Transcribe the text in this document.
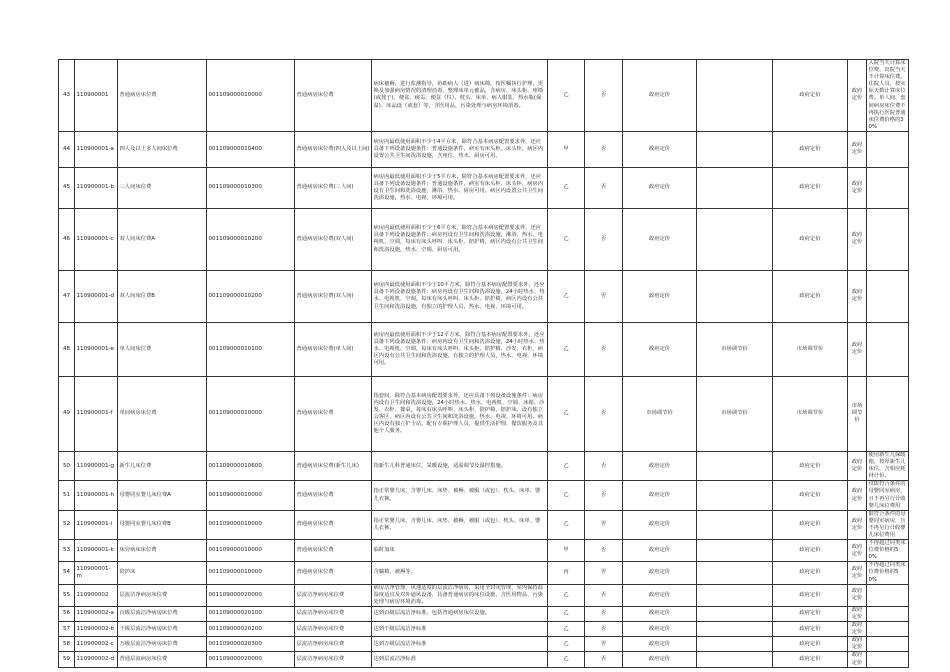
43	110900001	普通病房床位费	001109000010000	普通病房床位费	病床被褥，进行监测指导，协助病人（进）病床椅，按医嘱执行护理，更换及加强病房情况的清理消毒，整理床单元被品，含病房、床头柜、座椅(或凳子)、便盆、痰盂、便盆（仪）、枕头、床单、病人服装、热水瓶(保温)、床品设（或套）等，含医用品，污染处理与病房环境消毒。	乙	否	政府定价		政府定价	政府定价	入院当天计算床位费，出院当天不计算床位费。住院人员，按实际天数计算床位费。单人间、套间病房床位费不再执行医院普通床位费价格的30%
44	110900001-a	四人及以上多人间床位费	001109000010400	普通病房床位费(四人及以上间)	病房内最低使用面积不少于4平方米，除符合基本病房配置要求外，还应具备下列设备设施条件：普通设施条件，病室有床头柜、床头柜，病区内设置公共卫生间洗浴设施，含座位、热水、厨房可用。	甲	否	政府定价		政府定价	政府定价	
45	110900001-b	三人间床位费	001109000010300	普通病房床位费(三人间)	病房内最低使用面积不少于5平方米，除符合基本病房配置要求外，还应具备下列设备设施条件：普通设施条件，病室有床头柜、床头柜，病房内设有卫生间和洗浴设施，淋浴、热水、厨房可用。病区内设置公共卫生间洗浴设施，热水、电视、环境可用。	乙	否	政府定价		政府定价	政府定价	
46	110900001-c	双人间床位费A	001109000010200	普通病房床位费(双人间)	病房内最低使用面积不少于6平方米，除符合基本病房配置要求外，还应具备下列设备设施条件：病房内设有卫生间和洗浴设施，淋浴、热水、电视机、空调，每床有床头呼叫、床头柜、陪护椅，病区内设有公共卫生间和洗浴设施，热水、空调、厨房可用。	乙	否	政府定价		政府定价	政府定价	
47	110900001-d	双人间床位费B	001109000010200	普通病房床位费(双人间)	病房内最低使用面积不少于10平方米，除符合基本病房配置要求外，还应具备下列设备设施条件：病房内设有卫生间和洗浴设施，24小时热水、热水、电视机、空调，每床有床头呼叫、床头柜、陪护椅，病区内设有公共卫生间和洗浴设施，有独立的护理人员，热水、电视、环境可用。	乙	否	政府定价		政府定价	政府定价	
48	110900001-e	单人间床位费	001109000010100	普通病房床位费(单人间)	病房内最低使用面积不少于12平方米，除符合基本病房配置要求外，还应具备下列设备设施条件：病房内设有卫生间和洗浴设施，24小时热水、热水、电视机、空调，每床有床头呼叫、床头柜、陪护椅、沙发、衣柜，病区内设有公共卫生间和洗浴设施，有独立的护理人员，热水、电视、环境可用。	乙	否	政府定价	市场调节价	市场调节价	政府定价	
49	110900001-f	单间病房床位费	001109000010000	普通病房床位费	指套间，除符合基本病房配置要求外，还应具备下列设备设施条件：病房内设有卫生间和洗浴设施，24小时热水、热水、电视机、空调、冰箱、沙发、衣柜、餐桌，每床有床头呼叫、床头柜、陪护椅、陪护床，设有独立会客区，病区内设有公共卫生间和洗浴设施，热水、电视、环境可用。病区内设有独立护士站，配有专职护理人员，提供生活护理、餐饮服务及其他个人服务。	乙	否	市场调节价	市场调节价	市场调节价	市场调节价	
50	110900001-g	新生儿床位费	001109000010600	普通病房床位费(新生儿床)	指新生儿科普通床位，采暖设施，适温调节及温控措施。	乙	否	政府定价		政府定价	政府定价	使用新生儿保暖箱，按厚新生儿床位，含相应耗材计价。
51	110900001-h	母婴同室婴儿床位费A	001109000010000	普通病房床位费	指正常婴儿床，含婴儿床、床垫、被褥、被服（或包）、枕头、床单、婴儿衣裤。	乙	否	政府定价		政府定价	政府定价	仅限符合条件的母婴同室病房，且不再另行计收婴儿床位费用
52	110900001-i	母婴同室婴儿床位费B	001109000010000	普通病房床位费	指正常婴儿床，含婴儿床、床垫、被褥、被服（或包）、枕头、床单、婴儿衣裤。	乙	否	政府定价		政府定价	政府定价	限符合条件的母婴同室病房，且不再另行计收婴儿床位费用
53	110900001-k	床旁病床床位费	001109000010000	普通病房床位费	临时加床	甲	否	政府定价		政府定价	政府定价	不得超过同类床位费价格的50%
54	110900001-m	陪护床	001109000010000	普通病房床位费	含躺椅、被褥等。	丙	否	政府定价		政府定价	政府定价	不得超过同类床位费价格的50%
55	110900002	层流洁净病房床位费	001109000020000	层流洁净病房床位费	病房洁净管理，风速适度的层流洁净病房，采用全封闭管理，室内保持温湿度适宜及对外通风设备，具备普通病房的床位设施，含医用物品、污染处理与病房环境消毒。	乙	否	政府定价		政府定价	政府定价	
56	110900002-a	百级层流洁净病房床位费	001109000020100	层流洁净病房床位费	达到百级层流洁净标准，包括普通病房床位设施。	乙	否	政府定价		政府定价	政府定价	
57	110900002-b	千级层流洁净病房床位费	001109000020200	层流洁净病房床位费	达到千级层流洁净标准	乙	否	政府定价		政府定价	政府定价	
58	110900002-c	万级层流洁净病房床位费	001109000020300	层流洁净病房床位费	达到万级层流洁净标准	乙	否	政府定价		政府定价	政府定价	
59	110900002-d	普通层流病房床位费	001109000020000	层流洁净病房床位费	达到层流洁净标准	乙	否	政府定价		政府定价	政府定价	
